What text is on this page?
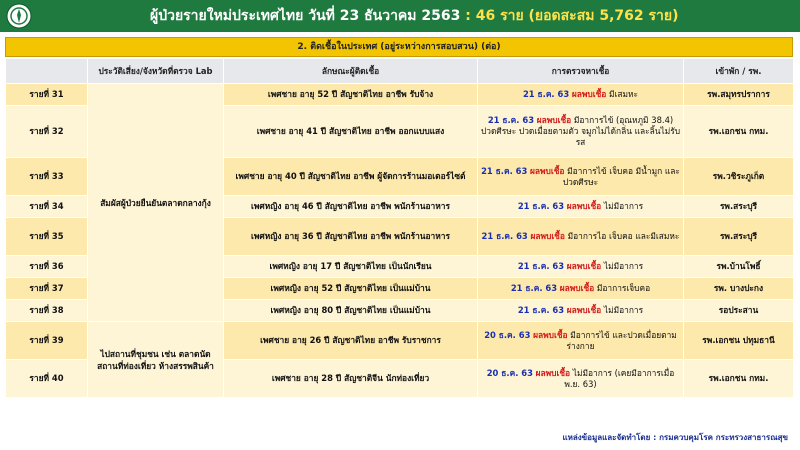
ผู้ป่วยรายใหม่ประเทศไทย วันที่ 23 ธันวาคม 2563 : 46 ราย (ยอดสะสม 5,762 ราย)
2. ติดเชื้อในประเทศ (อยู่ระหว่างการสอบสวน) (ต่อ)
	ประวัติเสี่ยง/จังหวัดที่ตรวจ Lab	ลักษณะผู้ติดเชื้อ	การตรวจหาเชื้อ	เข้าพัก / รพ.
รายที่ 31	สัมผัสผู้ป่วยยืนยันตลาดกลางกุ้ง	เพศชาย อายุ 52 ปี สัญชาติไทย อาชีพ รับจ้าง	21 ธ.ค. 63 ผลพบเชื้อ มีเสมหะ	รพ.สมุทรปราการ
รายที่ 32		เพศชาย อายุ 41 ปี สัญชาติไทย อาชีพ ออกแบบแสง	21 ธ.ค. 63 ผลพบเชื้อ มีอาการไข้ (อุณหภูมิ 38.4) ปวดศีรษะ ปวดเมื่อยตามตัว จมูกไม่ได้กลิ่น และลิ้นไม่รับรส	รพ.เอกชน กทม.
รายที่ 33		เพศชาย อายุ 40 ปี สัญชาติไทย อาชีพ ผู้จัดการร้านมอเตอร์ไซต์	21 ธ.ค. 63 ผลพบเชื้อ มีอาการไข้ เจ็บคอ มีน้ำมูก และปวดศีรษะ	รพ.วชิระภูเก็ต
รายที่ 34		เพศหญิง อายุ 46 ปี สัญชาติไทย อาชีพ พนักร้านอาหาร	21 ธ.ค. 63 ผลพบเชื้อ ไม่มีอาการ	รพ.สระบุรี
รายที่ 35		เพศหญิง อายุ 36 ปี สัญชาติไทย อาชีพ พนักร้านอาหาร	21 ธ.ค. 63 ผลพบเชื้อ มีอาการไอ เจ็บคอ และมีเสมหะ	รพ.สระบุรี
รายที่ 36		เพศหญิง อายุ 17 ปี สัญชาติไทย เป็นนักเรียน	21 ธ.ค. 63 ผลพบเชื้อ ไม่มีอาการ	รพ.บ้านโพธิ์
รายที่ 37		เพศหญิง อายุ 52 ปี สัญชาติไทย เป็นแม่บ้าน	21 ธ.ค. 63 ผลพบเชื้อ มีอาการเจ็บคอ	รพ. บางปะกง
รายที่ 38		เพศหญิง อายุ 80 ปี สัญชาติไทย เป็นแม่บ้าน	21 ธ.ค. 63 ผลพบเชื้อ ไม่มีอาการ	รอประสาน
รายที่ 39	ไปสถานที่ชุมชน เช่น ตลาดนัด สถานที่ท่องเที่ยว ห้างสรรพสินค้า	เพศชาย อายุ 26 ปี สัญชาติไทย อาชีพ รับราชการ	20 ธ.ค. 63 ผลพบเชื้อ มีอาการไข้ และปวดเมื่อยตามร่างกาย	รพ.เอกชน ปทุมธานี
รายที่ 40		เพศชาย อายุ 28 ปี สัญชาติจีน นักท่องเที่ยว	20 ธ.ค. 63 ผลพบเชื้อ ไม่มีอาการ (เคยมีอาการเมื่อ พ.ย. 63)	รพ.เอกชน กทม.
แหล่งข้อมูลและจัดทำโดย : กรมควบคุมโรค กระทรวงสาธารณสุข
